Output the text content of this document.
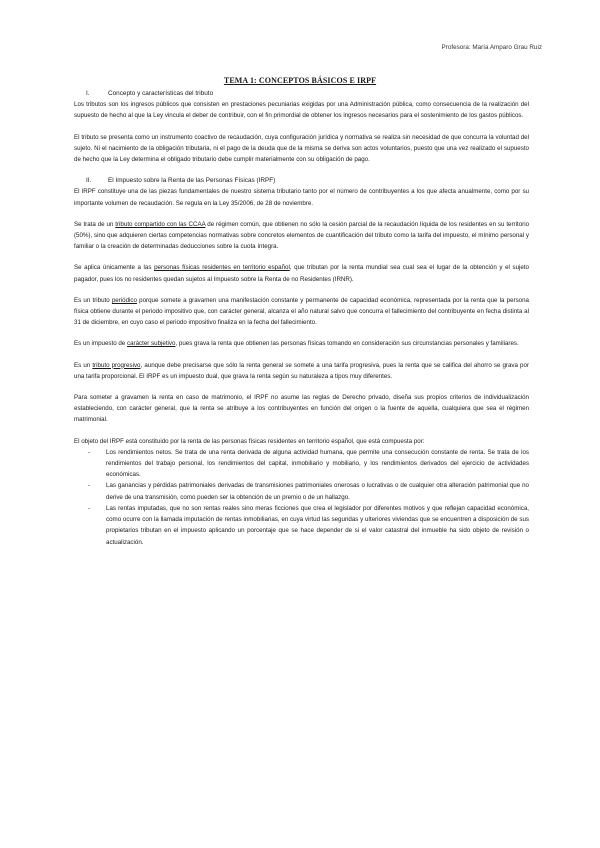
Profesora: María Amparo Grau Ruiz
TEMA 1: CONCEPTOS BÁSICOS E IRPF

I.	Concepto y características del tributo

Los tributos son los ingresos públicos que consisten en prestaciones pecuniarias exigidas por una Administración pública, como consecuencia de la realización del supuesto de hecho al que la Ley vincula el deber de contribuir, con el fin primordial de obtener los ingresos necesarios para el sostenimiento de los gastos públicos.

El tributo se presenta como un instrumento coactivo de recaudación, cuya configuración jurídica y normativa se realiza sin necesidad de que concurra la voluntad del sujeto. Ni el nacimiento de la obligación tributaria, ni el pago de la deuda que de la misma se deriva son actos voluntarios, puesto que una vez realizado el supuesto de hecho que la Ley determina el obligado tributario debe cumplir materialmente con su obligación de pago.

II.	El Impuesto sobre la Renta de las Personas Físicas (IRPF)

El IRPF constituye una de las piezas fundamentales de nuestro sistema tributario tanto por el número de contribuyentes a los que afecta anualmente, como por su importante volumen de recaudación. Se regula en la Ley 35/2006, de 28 de noviembre.

Se trata de un tributo compartido con las CCAA de régimen común, que obtienen no sólo la cesión parcial de la recaudación líquida de los residentes en su territorio (50%), sino que adquieren ciertas competencias normativas sobre concretos elementos de cuantificación del tributo como la tarifa del impuesto, el mínimo personal y familiar o la creación de determinadas deducciones sobre la cuota íntegra.

Se aplica únicamente a las personas físicas residentes en territorio español, que tributan por la renta mundial sea cual sea el lugar de la obtención y el sujeto pagador, pues los no residentes quedan sujetos al Impuesto sobre la Renta de no Residentes (IRNR).

Es un tributo periódico porque somete a gravamen una manifestación constante y permanente de capacidad económica, representada por la renta que la persona física obtiene durante el periodo impositivo que, con carácter general, alcanza el año natural salvo que concurra el fallecimiento del contribuyente en fecha distinta al 31 de diciembre, en cuyo caso el periodo impositivo finaliza en la fecha del fallecimiento.

Es un impuesto de carácter subjetivo, pues grava la renta que obtienen las personas físicas tomando en consideración sus circunstancias personales y familiares.

Es un tributo progresivo, aunque debe precisarse que sólo la renta general se somete a una tarifa progresiva, pues la renta que se califica del ahorro se grava por una tarifa proporcional. El IRPF es un impuesto dual, que grava la renta según su naturaleza a tipos muy diferentes.

Para someter a gravamen la renta en caso de matrimonio, el IRPF no asume las reglas de Derecho privado, diseña sus propios criterios de individualización estableciendo, con carácter general, que la renta se atribuye a los contribuyentes en función del origen o la fuente de aquella, cualquiera que sea el régimen matrimonial.

El objeto del IRPF está constituido por la renta de las personas físicas residentes en territorio español, que está compuesta por:

-	Los rendimientos netos. Se trata de una renta derivada de alguna actividad humana, que permite una consecución constante de renta. Se trata de los rendimientos del trabajo personal, los rendimientos del capital, inmobiliario y mobiliario, y los rendimientos derivados del ejercicio de actividades económicas.
-	Las ganancias y pérdidas patrimoniales derivadas de transmisiones patrimoniales onerosas o lucrativas o de cualquier otra alteración patrimonial que no derive de una transmisión, como pueden ser la obtención de un premio o de un hallazgo.
-	Las rentas imputadas, que no son rentas reales sino meras ficciones que crea el legislador por diferentes motivos y que reflejan capacidad económica, como ocurre con la llamada imputación de rentas inmobiliarias, en cuya virtud las segundas y ulteriores viviendas que se encuentren a disposición de sus propietarios tributan en el impuesto aplicando un porcentaje que se hace depender de si el valor catastral del inmueble ha sido objeto de revisión o actualización.
